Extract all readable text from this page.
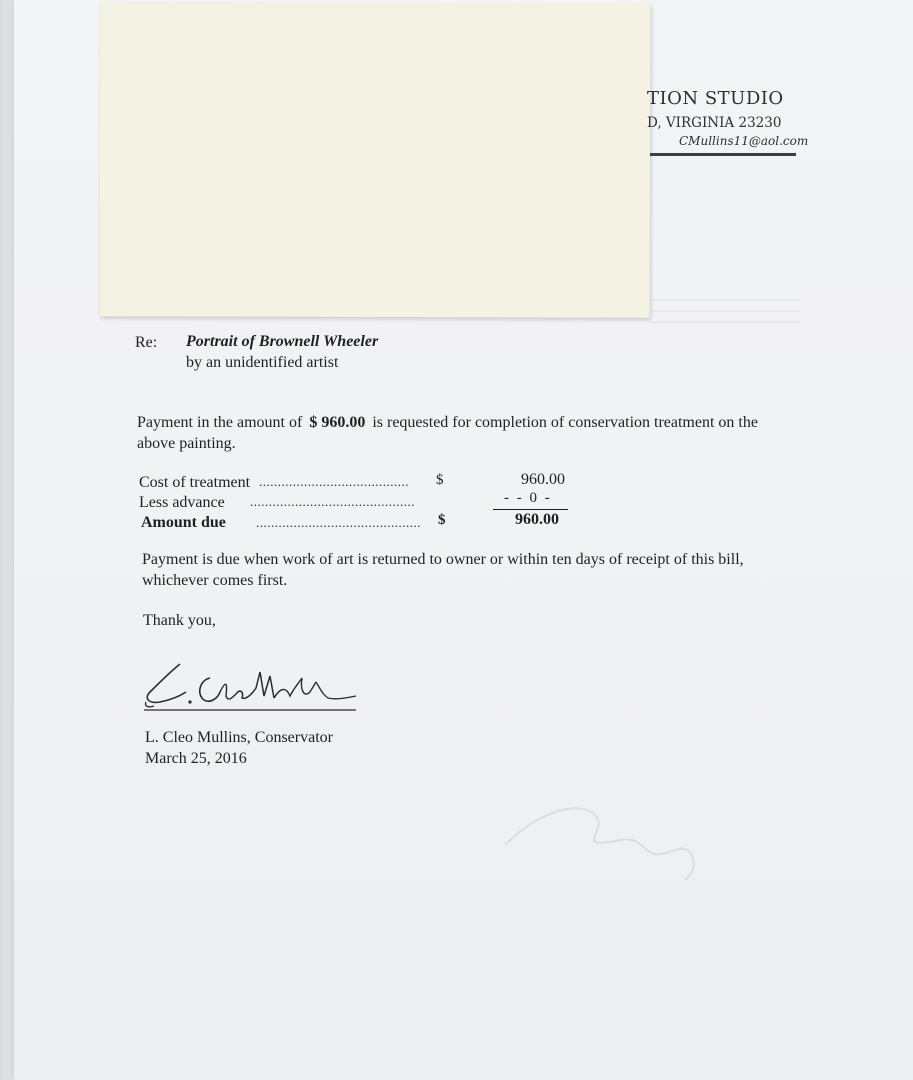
TION STUDIO
D, VIRGINIA 23230
CMullins11@aol.com
Re: Portrait of Brownell Wheeler
by an unidentified artist
Payment in the amount of $ 960.00 is requested for completion of conservation treatment on the
above painting.
Cost of treatment ........................................ $	960.00
Less advance ............................................	- - 0 -
Amount due ............................................ $	960.00
Payment is due when work of art is returned to owner or within ten days of receipt of this bill,
whichever comes first.
Thank you,
L. Cleo Mullins, Conservator
March 25, 2016
